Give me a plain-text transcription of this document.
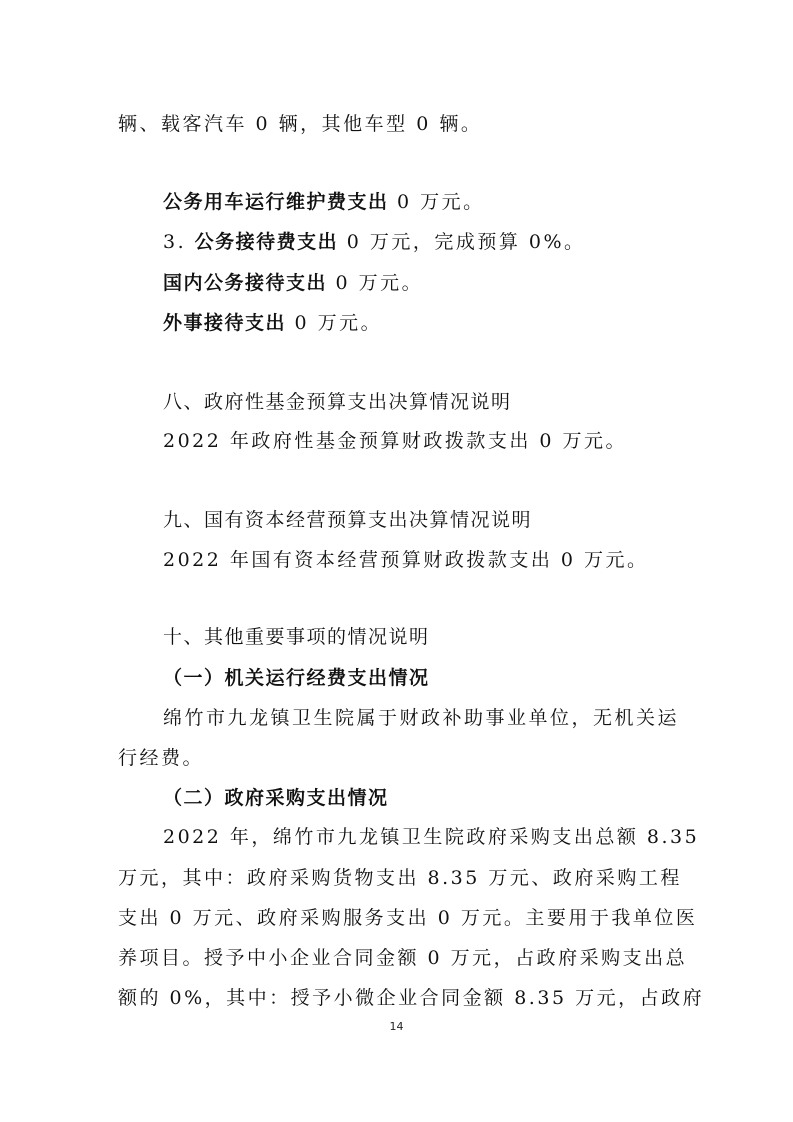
辆、载客汽车 0 辆，其他车型 0 辆。
公务用车运行维护费支出 0 万元。
3. 公务接待费支出 0 万元，完成预算 0%。
国内公务接待支出 0 万元。
外事接待支出 0 万元。
八、政府性基金预算支出决算情况说明
2022 年政府性基金预算财政拨款支出 0 万元。
九、国有资本经营预算支出决算情况说明
2022 年国有资本经营预算财政拨款支出 0 万元。
十、其他重要事项的情况说明
（一）机关运行经费支出情况
绵竹市九龙镇卫生院属于财政补助事业单位，无机关运
行经费。
（二）政府采购支出情况
2022 年，绵竹市九龙镇卫生院政府采购支出总额 8.35
万元，其中：政府采购货物支出 8.35 万元、政府采购工程
支出 0 万元、政府采购服务支出 0 万元。主要用于我单位医
养项目。授予中小企业合同金额 0 万元，占政府采购支出总
额的 0%，其中：授予小微企业合同金额 8.35 万元，占政府
14
